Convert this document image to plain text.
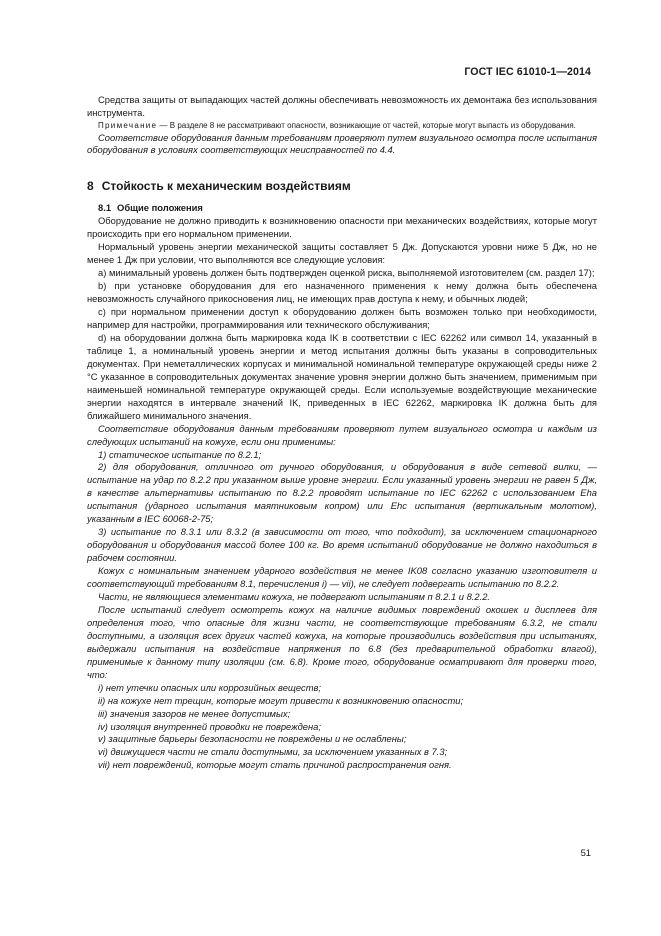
ГОСТ IEC 61010-1—2014

Средства защиты от выпадающих частей должны обеспечивать невозможность их демонтажа без использования инструмента.

Примечание — В разделе 8 не рассматривают опасности, возникающие от частей, которые могут выпасть из оборудования.

Соответствие оборудования данным требованиям проверяют путем визуального осмотра после испытания оборудования в условиях соответствующих неисправностей по 4.4.

8 Стойкость к механическим воздействиям
8.1 Общие положения

Оборудование не должно приводить к возникновению опасности при механических воздействиях, которые могут происходить при его нормальном применении.

Нормальный уровень энергии механической защиты составляет 5 Дж. Допускаются уровни ниже 5 Дж, но не менее 1 Дж при условии, что выполняются все следующие условия:

a) минимальный уровень должен быть подтвержден оценкой риска, выполняемой изготовителем (см. раздел 17);

b) при установке оборудования для его назначенного применения к нему должна быть обеспечена невозможность случайного прикосновения лиц, не имеющих прав доступа к нему, и обычных людей;

c) при нормальном применении доступ к оборудованию должен быть возможен только при необходимости, например для настройки, программирования или технического обслуживания;

d) на оборудовании должна быть маркировка кода IK в соответствии с IEC 62262 или символ 14, указанный в таблице 1, а номинальный уровень энергии и метод испытания должны быть указаны в сопроводительных документах. При неметаллических корпусах и минимальной номинальной температуре окружающей среды ниже 2 °C указанное в сопроводительных документах значение уровня энергии должно быть значением, применимым при наименьшей номинальной температуре окружающей среды. Если используемые воздействующие механические энергии находятся в интервале значений IK, приведенных в IEC 62262, маркировка IK должна быть для ближайшего минимального значения.

Соответствие оборудования данным требованиям проверяют путем визуального осмотра и каждым из следующих испытаний на кожухе, если они применимы:

1) статическое испытание по 8.2.1;

2) для оборудования, отличного от ручного оборудования, и оборудования в виде сетевой вилки, — испытание на удар по 8.2.2 при указанном выше уровне энергии. Если указанный уровень энергии не равен 5 Дж, в качестве альтернативы испытанию по 8.2.2 проводят испытание по IEC 62262 с использованием Eha испытания (ударного испытания маятниковым копром) или Ehc испытания (вертикальным молотом), указанным в IEC 60068-2-75;

3) испытание по 8.3.1 или 8.3.2 (в зависимости от того, что подходит), за исключением стационарного оборудования и оборудования массой более 100 кг. Во время испытаний оборудование не должно находиться в рабочем состоянии.

Кожух с номинальным значением ударного воздействия не менее IK08 согласно указанию изготовителя и соответствующий требованиям 8.1, перечисления i) — vii), не следует подвергать испытанию по 8.2.2.

Части, не являющиеся элементами кожуха, не подвергают испытаниям п 8.2.1 и 8.2.2.

После испытаний следует осмотреть кожух на наличие видимых повреждений окошек и дисплеев для определения того, что опасные для жизни части, не соответствующие требованиям 6.3.2, не стали доступными, а изоляция всех других частей кожуха, на которые производились воздействия при испытаниях, выдержали испытания на воздействие напряжения по 6.8 (без предварительной обработки влагой), применимые к данному типу изоляции (см. 6.8). Кроме того, оборудование осматривают для проверки того, что:

i) нет утечки опасных или коррозийных веществ;

ii) на кожухе нет трещин, которые могут привести к возникновению опасности;

iii) значения зазоров не менее допустимых;

iv) изоляция внутренней проводки не повреждена;

v) защитные барьеры безопасности не повреждены и не ослаблены;

vi) движущиеся части не стали доступными, за исключением указанных в 7.3;

vii) нет повреждений, которые могут стать причиной распространения огня.

51
